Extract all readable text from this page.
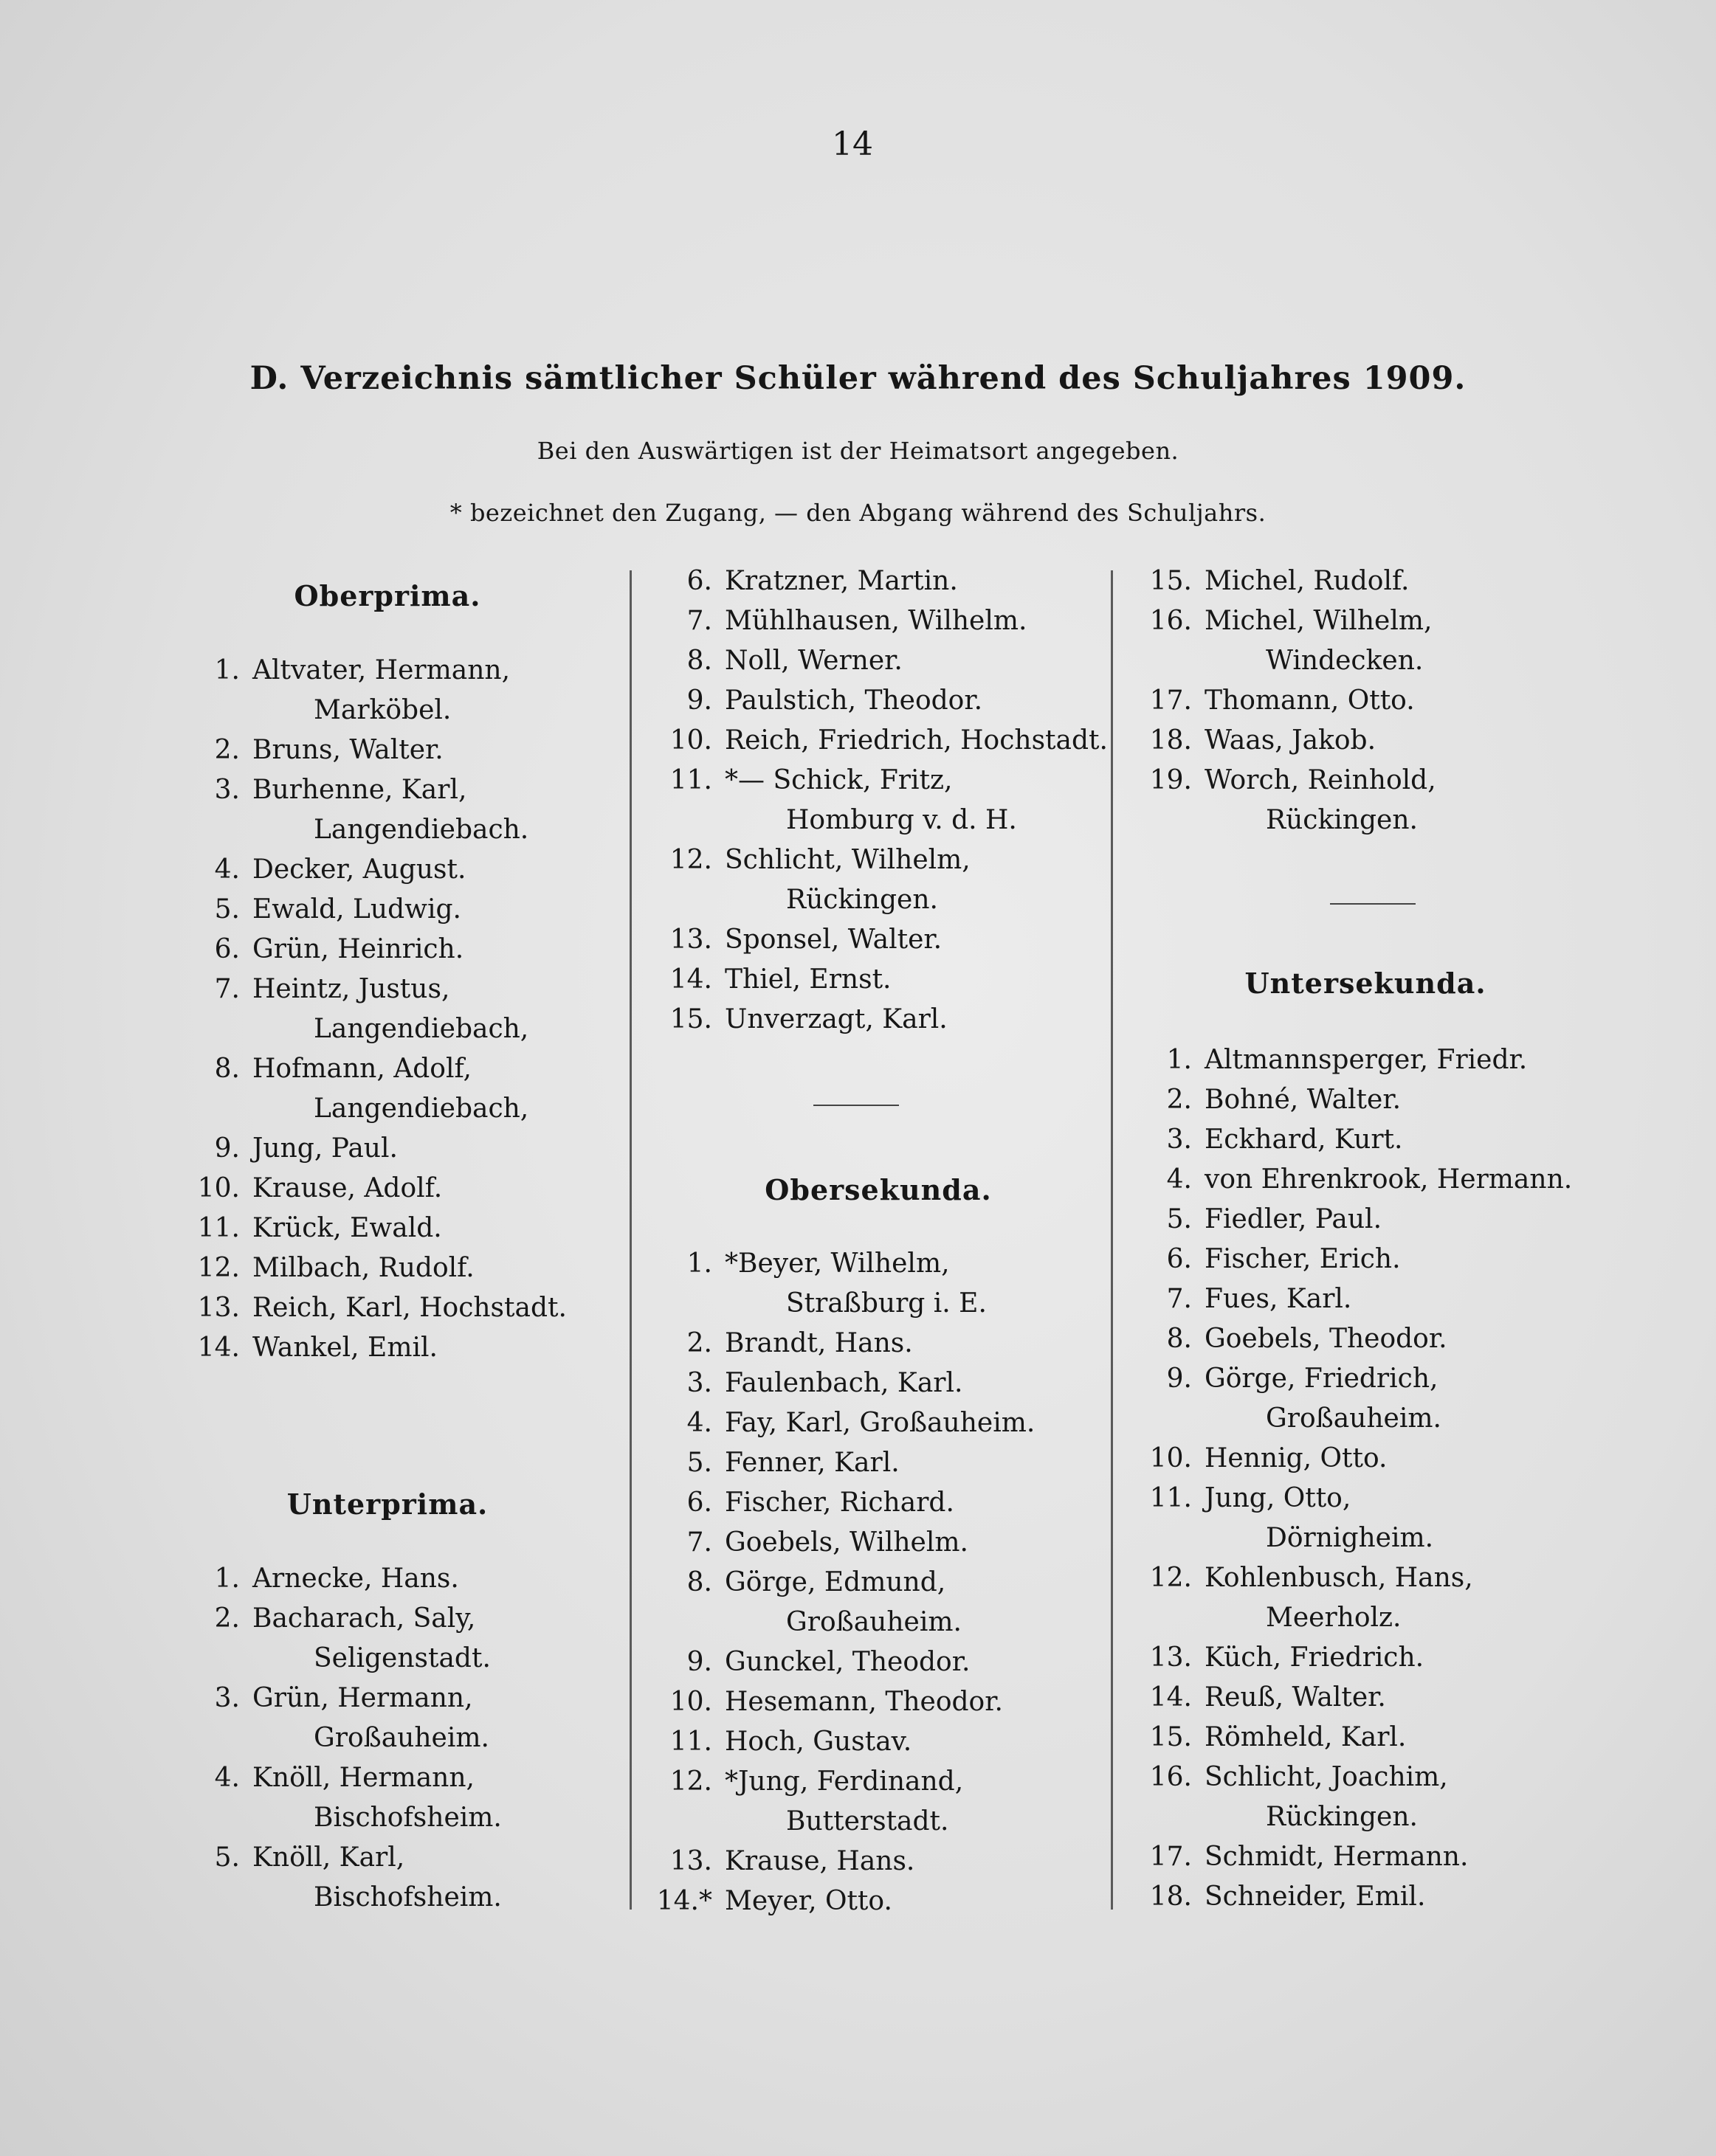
14
D. Verzeichnis sämtlicher Schüler während des Schuljahres 1909.
Bei den Auswärtigen ist der Heimatsort angegeben.
* bezeichnet den Zugang, — den Abgang während des Schuljahrs.
Oberprima.
Unterprima.
1. Altvater, Hermann,
Marköbel.
2. Bruns, Walter.
3. Burhenne, Karl,
Langendiebach.
4. Decker, August.
5. Ewald, Ludwig.
6. Grün, Heinrich.
7. Heintz, Justus,
Langendiebach,
8. Hofmann, Adolf,
Langendiebach,
9. Jung, Paul.
10. Krause, Adolf.
11. Krück, Ewald.
12. Milbach, Rudolf.
13. Reich, Karl, Hochstadt.
14. Wankel, Emil.
1. Arnecke, Hans.
2. Bacharach, Saly,
Seligenstadt.
3. Grün, Hermann,
Großauheim.
4. Knöll, Hermann,
Bischofsheim.
5. Knöll, Karl,
Bischofsheim.
Obersekunda.
6. Kratzner, Martin.
7. Mühlhausen, Wilhelm.
8. Noll, Werner.
9. Paulstich, Theodor.
10. Reich, Friedrich, Hochstadt.
11. *— Schick, Fritz,
Homburg v. d. H.
12. Schlicht, Wilhelm,
Rückingen.
13. Sponsel, Walter.
14. Thiel, Ernst.
15. Unverzagt, Karl.
1. *Beyer, Wilhelm,
Straßburg i. E.
2. Brandt, Hans.
3. Faulenbach, Karl.
4. Fay, Karl, Großauheim.
5. Fenner, Karl.
6. Fischer, Richard.
7. Goebels, Wilhelm.
8. Görge, Edmund,
Großauheim.
9. Gunckel, Theodor.
10. Hesemann, Theodor.
11. Hoch, Gustav.
12. *Jung, Ferdinand,
Butterstadt.
13. Krause, Hans.
14.* Meyer, Otto.
Untersekunda.
15. Michel, Rudolf.
16. Michel, Wilhelm,
Windecken.
17. Thomann, Otto.
18. Waas, Jakob.
19. Worch, Reinhold,
Rückingen.
1. Altmannsperger, Friedr.
2. Bohné, Walter.
3. Eckhard, Kurt.
4. von Ehrenkrook, Hermann.
5. Fiedler, Paul.
6. Fischer, Erich.
7. Fues, Karl.
8. Goebels, Theodor.
9. Görge, Friedrich,
Großauheim.
10. Hennig, Otto.
11. Jung, Otto,
Dörnigheim.
12. Kohlenbusch, Hans,
Meerholz.
13. Küch, Friedrich.
14. Reuß, Walter.
15. Römheld, Karl.
16. Schlicht, Joachim,
Rückingen.
17. Schmidt, Hermann.
18. Schneider, Emil.
